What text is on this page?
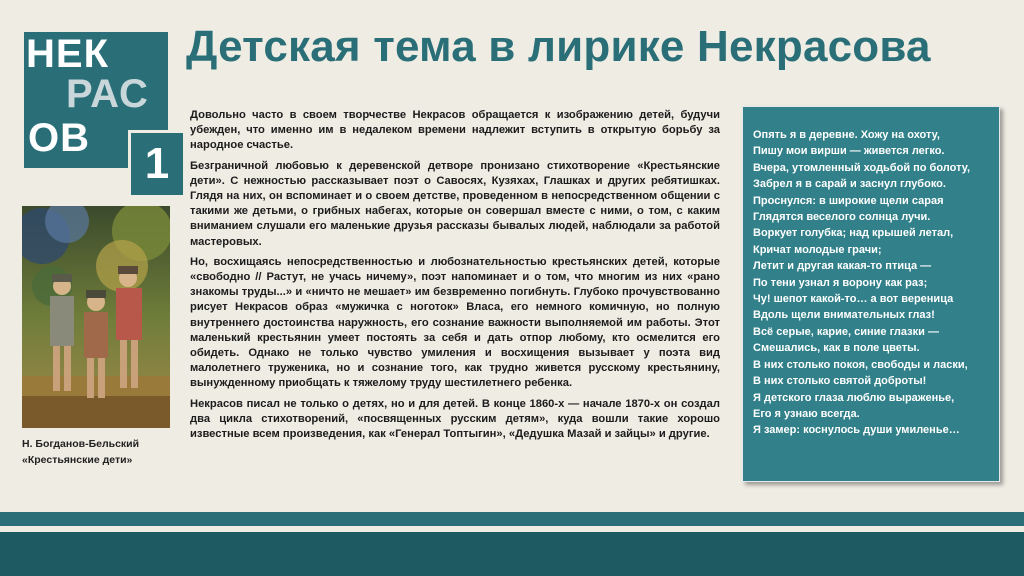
НЕК
РАС
ОВ
1
Детская тема в лирике Некрасова
Н. Богданов-Бельский
«Крестьянские дети»

Довольно часто в своем творчестве Некрасов обращается к изображению детей, будучи убежден, что именно им в недалеком времени надлежит вступить в открытую борьбу за народное счастье.

Безграничной любовью к деревенской детворе пронизано стихотворение «Крестьянские дети». С нежностью рассказывает поэт о Савосях, Кузяхах, Глашках и других ребятишках. Глядя на них, он вспоминает и о своем детстве, проведенном в непосредственном общении с такими же детьми, о грибных набегах, которые он совершал вместе с ними, о том, с каким вниманием слушали его маленькие друзья рассказы бывалых людей, наблюдали за работой мастеровых.

Но, восхищаясь непосредственностью и любознательностью крестьянских детей, которые «свободно // Растут, не учась ничему», поэт напоминает и о том, что многим из них «рано знакомы труды...» и «ничто не мешает» им безвременно погибнуть. Глубоко прочувствованно рисует Некрасов образ «мужичка с ноготок» Власа, его немного комичную, но полную внутреннего достоинства наружность, его сознание важности выполняемой им работы. Этот маленький крестьянин умеет постоять за себя и дать отпор любому, кто осмелится его обидеть. Однако не только чувство умиления и восхищения вызывает у поэта вид малолетнего труженика, но и сознание того, как трудно живется русскому крестьянину, вынужденному приобщать к тяжелому труду шестилетнего ребенка.

Некрасов писал не только о детях, но и для детей. В конце 1860-х — начале 1870-х он создал два цикла стихотворений, «посвященных русским детям», куда вошли такие хорошо известные всем произведения, как «Генерал Топтыгин», «Дедушка Мазай и зайцы» и другие.

Опять я в деревне. Хожу на охоту,
Пишу мои вирши — живется легко.
Вчера, утомленный ходьбой по болоту,
Забрел я в сарай и заснул глубоко.
Проснулся: в широкие щели сарая
Глядятся веселого солнца лучи.
Воркует голубка; над крышей летал,
Кричат молодые грачи;
Летит и другая какая-то птица —
По тени узнал я ворону как раз;
Чу! шепот какой-то… а вот вереница
Вдоль щели внимательных глаз!
Всё серые, карие, синие глазки —
Смешались, как в поле цветы.
В них столько покоя, свободы и ласки,
В них столько святой доброты!
Я детского глаза люблю выраженье,
Его я узнаю всегда.
Я замер: коснулось души умиленье…
